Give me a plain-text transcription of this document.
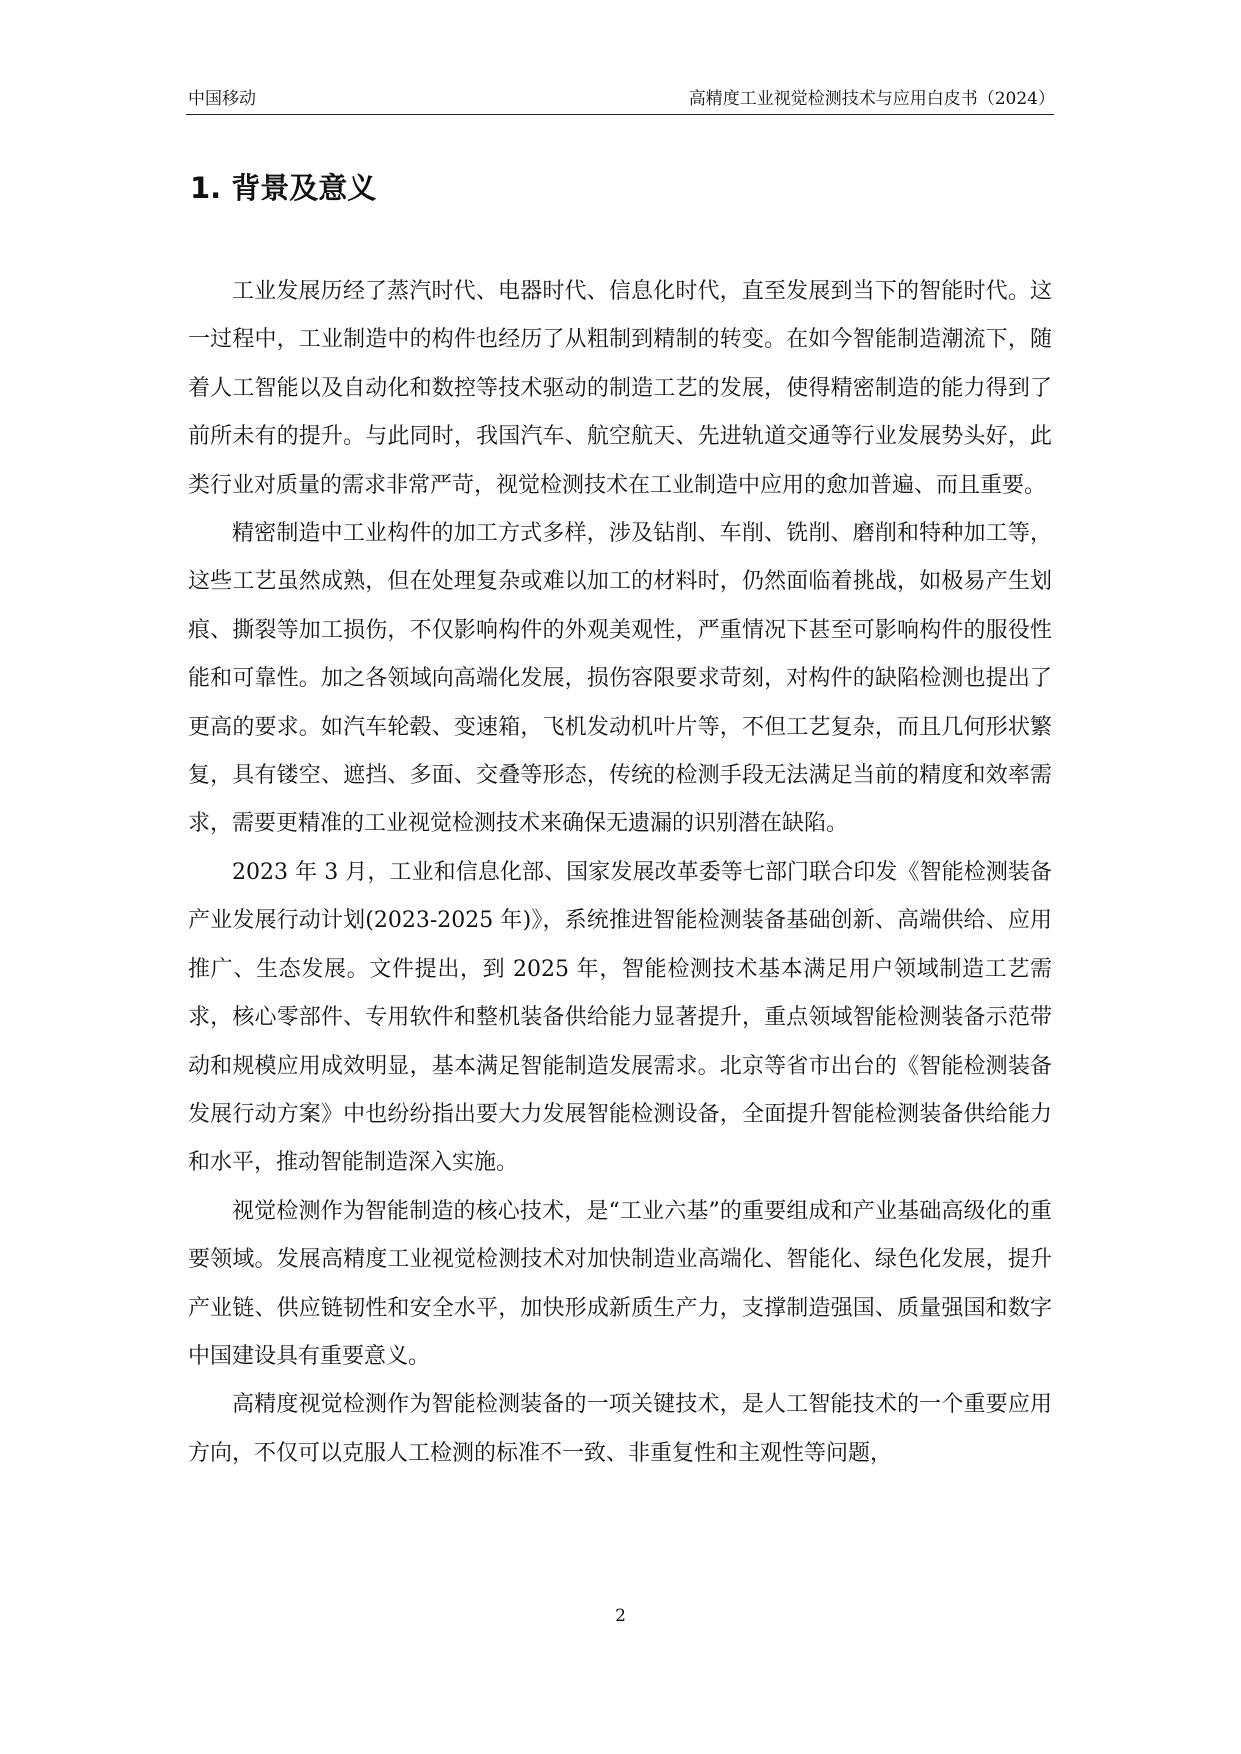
中国移动	高精度工业视觉检测技术与应用白皮书（2024）
1. 背景及意义

工业发展历经了蒸汽时代、电器时代、信息化时代，直至发展到当下的智能时代。这一过程中，工业制造中的构件也经历了从粗制到精制的转变。在如今智能制造潮流下，随着人工智能以及自动化和数控等技术驱动的制造工艺的发展，使得精密制造的能力得到了前所未有的提升。与此同时，我国汽车、航空航天、先进轨道交通等行业发展势头好，此类行业对质量的需求非常严苛，视觉检测技术在工业制造中应用的愈加普遍、而且重要。

精密制造中工业构件的加工方式多样，涉及钻削、车削、铣削、磨削和特种加工等，这些工艺虽然成熟，但在处理复杂或难以加工的材料时，仍然面临着挑战，如极易产生划痕、撕裂等加工损伤，不仅影响构件的外观美观性，严重情况下甚至可影响构件的服役性能和可靠性。加之各领域向高端化发展，损伤容限要求苛刻，对构件的缺陷检测也提出了更高的要求。如汽车轮毂、变速箱，飞机发动机叶片等，不但工艺复杂，而且几何形状繁复，具有镂空、遮挡、多面、交叠等形态，传统的检测手段无法满足当前的精度和效率需求，需要更精准的工业视觉检测技术来确保无遗漏的识别潜在缺陷。

2023 年 3 月，工业和信息化部、国家发展改革委等七部门联合印发《智能检测装备产业发展行动计划(2023-2025 年)》，系统推进智能检测装备基础创新、高端供给、应用推广、生态发展。文件提出，到 2025 年，智能检测技术基本满足用户领域制造工艺需求，核心零部件、专用软件和整机装备供给能力显著提升，重点领域智能检测装备示范带动和规模应用成效明显，基本满足智能制造发展需求。北京等省市出台的《智能检测装备发展行动方案》中也纷纷指出要大力发展智能检测设备，全面提升智能检测装备供给能力和水平，推动智能制造深入实施。

视觉检测作为智能制造的核心技术，是“工业六基”的重要组成和产业基础高级化的重要领域。发展高精度工业视觉检测技术对加快制造业高端化、智能化、绿色化发展，提升产业链、供应链韧性和安全水平，加快形成新质生产力，支撑制造强国、质量强国和数字中国建设具有重要意义。

高精度视觉检测作为智能检测装备的一项关键技术，是人工智能技术的一个重要应用方向，不仅可以克服人工检测的标准不一致、非重复性和主观性等问题，

2
